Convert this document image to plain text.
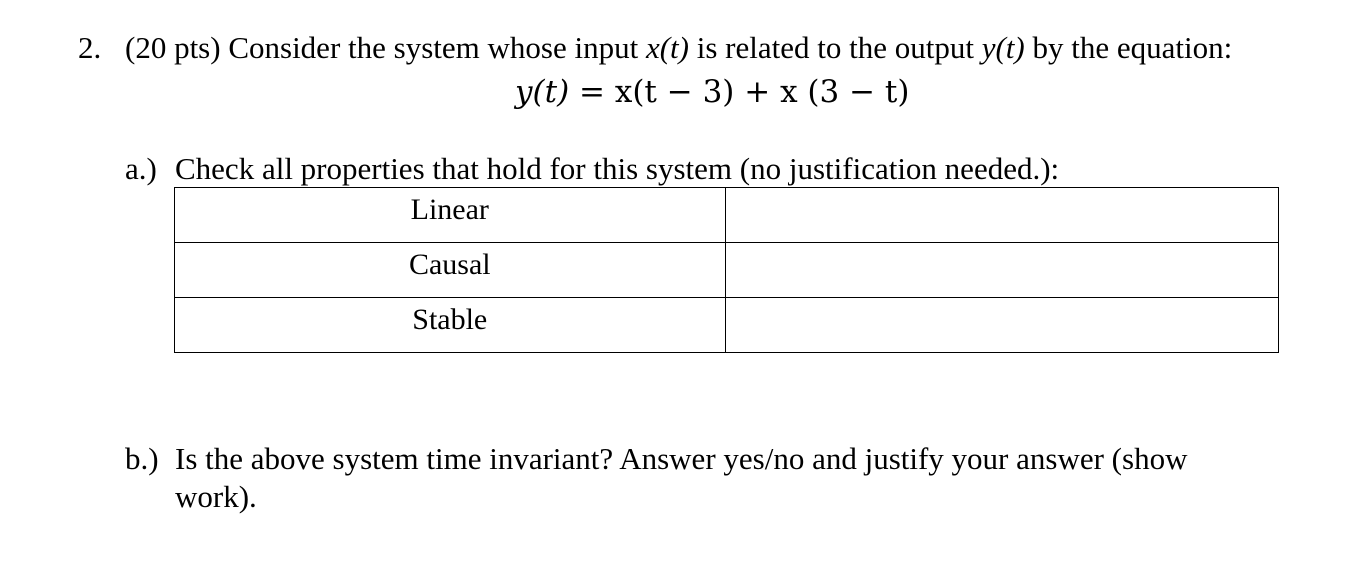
2. (20 pts) Consider the system whose input x(t) is related to the output y(t) by the equation:
y(t) = x(t − 3) + x (3 − t)
a.) Check all properties that hold for this system (no justification needed.):
Linear	
Causal	
Stable	
b.) Is the above system time invariant? Answer yes/no and justify your answer (show
work).
